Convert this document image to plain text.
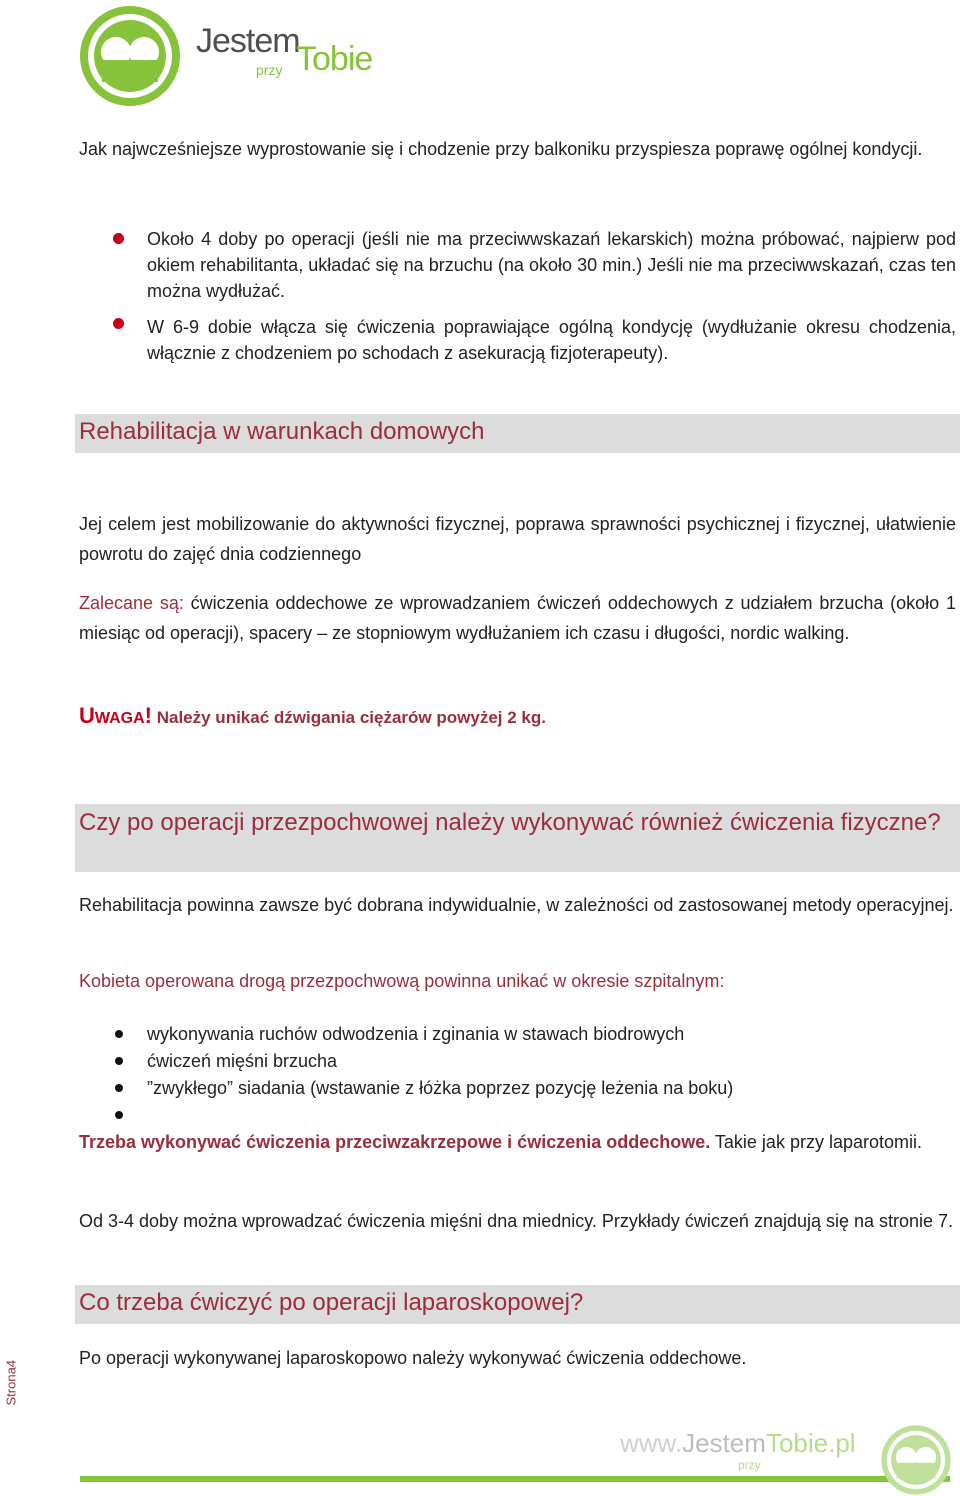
Jestem
przy Tobie
Jak najwcześniejsze wyprostowanie się i chodzenie przy balkoniku przyspiesza poprawę ogólnej kondycji.
Około 4 doby po operacji (jeśli nie ma przeciwwskazań lekarskich) można próbować, najpierw pod okiem rehabilitanta, układać się na brzuchu (na około 30 min.) Jeśli nie ma przeciwwskazań, czas ten można wydłużać.
W 6-9 dobie włącza się ćwiczenia poprawiające ogólną kondycję (wydłużanie okresu chodzenia, włącznie z chodzeniem po schodach z asekuracją fizjoterapeuty).
Rehabilitacja w warunkach domowych
Jej celem jest mobilizowanie do aktywności fizycznej, poprawa sprawności psychicznej i fizycznej, ułatwienie powrotu do zajęć dnia codziennego
Zalecane są: ćwiczenia oddechowe ze wprowadzaniem ćwiczeń oddechowych z udziałem brzucha (około 1 miesiąc od operacji), spacery – ze stopniowym wydłużaniem ich czasu i długości, nordic walking.
UWAGA! Należy unikać dźwigania ciężarów powyżej 2 kg.
Czy po operacji przezpochwowej należy wykonywać również ćwiczenia fizyczne?
Rehabilitacja powinna zawsze być dobrana indywidualnie, w zależności od zastosowanej metody operacyjnej.
Kobieta operowana drogą przezpochwową powinna unikać w okresie szpitalnym:
wykonywania ruchów odwodzenia i zginania w stawach biodrowych
ćwiczeń mięśni brzucha
”zwykłego” siadania (wstawanie z łóżka poprzez pozycję leżenia na boku)
Trzeba wykonywać ćwiczenia przeciwzakrzepowe i ćwiczenia oddechowe. Takie jak przy laparotomii.
Od 3-4 doby można wprowadzać ćwiczenia mięśni dna miednicy. Przykłady ćwiczeń znajdują się na stronie 7.
Co trzeba ćwiczyć po operacji laparoskopowej?
Po operacji wykonywanej laparoskopowo należy wykonywać ćwiczenia oddechowe.
Strona4
www.JestemTobie.pl
przy
